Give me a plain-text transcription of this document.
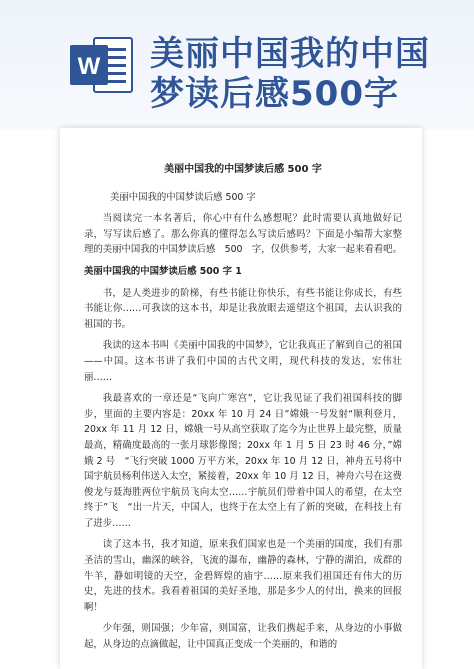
W 美丽中国我的中国
梦读后感500字
美丽中国我的中国梦读后感 500 字
美丽中国我的中国梦读后感 500 字
当阅读完一本名著后，你心中有什么感想呢？此时需要认真地做好记录，写写读后感了。那么你真的懂得怎么写读后感吗？下面是小编帮大家整理的美丽中国我的中国梦读后感　500　字，仅供参考，大家一起来看看吧。
美丽中国我的中国梦读后感 500 字 1
书，是人类进步的阶梯，有些书能让你快乐，有些书能让你成长，有些书能让你……可我读的这本书，却是让我放眼去遥望这个祖国，去认识我的祖国的书。
我读的这本书叫《美丽中国我的中国梦》，它让我真正了解到自己的祖国——中国。这本书讲了我们中国的古代文明，现代科技的发达，宏伟壮丽……
我最喜欢的一章还是“飞向广寒宫”，它让我见证了我们祖国科技的脚步，里面的主要内容是：20xx 年 10 月 24 日”嫦娥一号发射“顺利登月，20xx 年 11 月 12 日，嫦娥一号从高空获取了迄今为止世界上最完整，质量最高，精确度最高的一张月球影像图；20xx 年 1 月 5 日 23 时 46 分，”嫦娥 2 号　“飞行突破 1000 万平方米，20xx 年 10 月 12 日，神舟五号将中国宇航员杨利伟送入太空，紧接着，20xx 年 10 月 12 日，神舟六号在这费俊龙与聂海胜两位宇航员飞向太空……宇航员们带着中国人的希望，在太空终于”飞　“出一片天，中国人，也终于在太空上有了新的突破，在科技上有了进步……
读了这本书，我才知道，原来我们国家也是一个美丽的国度，我们有那圣洁的雪山，幽深的峡谷，飞流的瀑布，幽静的森林，宁静的湖泊，成群的牛羊，静如明镜的天空，金碧辉煌的庙宇……原来我们祖国还有伟大的历史，先进的技术。我看着祖国的美好圣地，那是多少人的付出，换来的回报啊！
少年强，则国强；少年富，则国富，让我们携起手来，从身边的小事做起，从身边的点滴做起，让中国真正变成一个美丽的，和谐的
